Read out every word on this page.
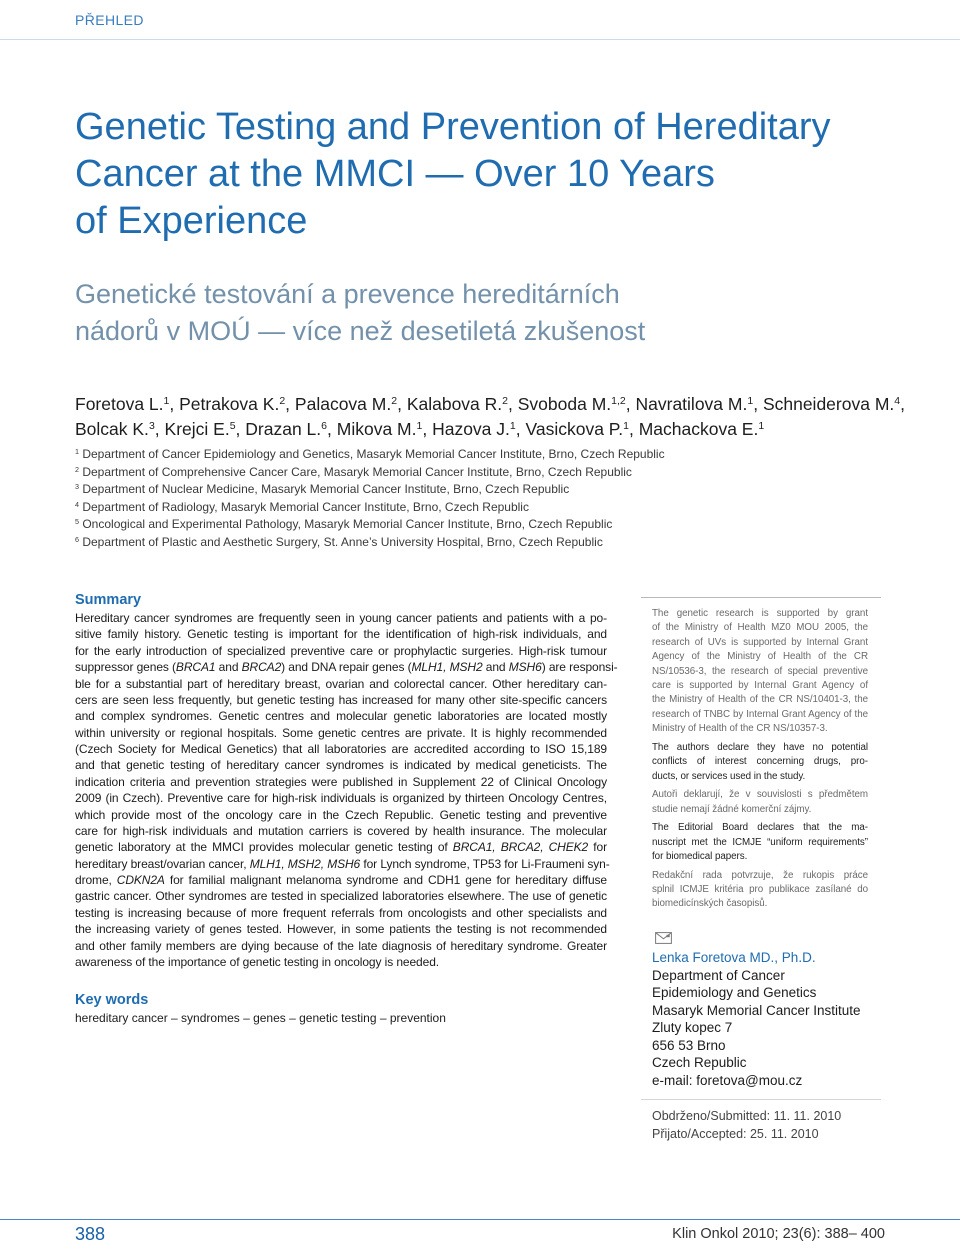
PŘEHLED
Genetic Testing and Prevention of Hereditary
Cancer at the MMCI — Over 10 Years
of Experience
Genetické testování a prevence hereditárních
nádorů v MOÚ — více než desetiletá zkušenost
Foretova L.$^1$, Petrakova K.$^2$, Palacova M.$^2$, Kalabova R.$^2$, Svoboda M.$^{1,2}$, Navratilova M.$^1$, Schneiderova M.$^4$,
Bolcak K.$^3$, Krejci E.$^5$, Drazan L.$^6$, Mikova M.$^1$, Hazova J.$^1$, Vasickova P.$^1$, Machackova E.$^1$
$^1$ Department of Cancer Epidemiology and Genetics, Masaryk Memorial Cancer Institute, Brno, Czech Republic
$^2$ Department of Comprehensive Cancer Care, Masaryk Memorial Cancer Institute, Brno, Czech Republic
$^3$ Department of Nuclear Medicine, Masaryk Memorial Cancer Institute, Brno, Czech Republic
$^4$ Department of Radiology, Masaryk Memorial Cancer Institute, Brno, Czech Republic
$^5$ Oncological and Experimental Pathology, Masaryk Memorial Cancer Institute, Brno, Czech Republic
$^6$ Department of Plastic and Aesthetic Surgery, St. Anne’s University Hospital, Brno, Czech Republic
Summary
Hereditary cancer syndromes are frequently seen in young cancer patients and patients with a po-
sitive family history. Genetic testing is important for the identification of high-risk individuals, and
for the early introduction of specialized preventive care or prophylactic surgeries. High-risk tumour
suppressor genes (BRCA1 and BRCA2) and DNA repair genes (MLH1, MSH2 and MSH6) are responsi-
ble for a substantial part of hereditary breast, ovarian and colorectal cancer. Other hereditary can-
cers are seen less frequently, but genetic testing has increased for many other site-specific cancers
and complex syndromes. Genetic centres and molecular genetic laboratories are located mostly
within university or regional hospitals. Some genetic centres are private. It is highly recommended
(Czech Society for Medical Genetics) that all laboratories are accredited according to ISO 15,189
and that genetic testing of hereditary cancer syndromes is indicated by medical geneticists. The
indication criteria and prevention strategies were published in Supplement 22 of Clinical Oncology
2009 (in Czech). Preventive care for high-risk individuals is organized by thirteen Oncology Centres,
which provide most of the oncology care in the Czech Republic. Genetic testing and preventive
care for high-risk individuals and mutation carriers is covered by health insurance. The molecular
genetic laboratory at the MMCI provides molecular genetic testing of BRCA1, BRCA2, CHEK2 for
hereditary breast/ovarian cancer, MLH1, MSH2, MSH6 for Lynch syndrome, TP53 for Li-Fraumeni syn-
drome, CDKN2A for familial malignant melanoma syndrome and CDH1 gene for hereditary diffuse
gastric cancer. Other syndromes are tested in specialized laboratories elsewhere. The use of genetic
testing is increasing because of more frequent referrals from oncologists and other specialists and
the increasing variety of genes tested. However, in some patients the testing is not recommended
and other family members are dying because of the late diagnosis of hereditary syndrome. Greater
awareness of the importance of genetic testing in oncology is needed.
Key words
hereditary cancer – syndromes – genes – genetic testing – prevention
The genetic research is supported by grant
of the Ministry of Health MZ0 MOU 2005, the
research of UVs is supported by Internal Grant
Agency of the Ministry of Health of the CR
NS/10536-3, the research of special preventive
care is supported by Internal Grant Agency of
the Ministry of Health of the CR NS/10401-3, the
research of TNBC by Internal Grant Agency of the
Ministry of Health of the CR NS/10357-3.
The authors declare they have no potential
conflicts of interest concerning drugs, pro-
ducts, or services used in the study.
Autoři deklarují, že v souvislosti s předmětem
studie nemají žádné komerční zájmy.
The Editorial Board declares that the ma-
nuscript met the ICMJE “uniform requirements”
for biomedical papers.
Redakční rada potvrzuje, že rukopis práce
splnil ICMJE kritéria pro publikace zasílané do
biomedicínských časopisů.
Lenka Foretova MD., Ph.D.
Department of Cancer
Epidemiology and Genetics
Masaryk Memorial Cancer Institute
Zluty kopec 7
656 53 Brno
Czech Republic
e-mail: foretova@mou.cz
Obdrženo/Submitted: 11. 11. 2010
Přijato/Accepted: 25. 11. 2010
388	Klin Onkol 2010; 23(6): 388– 400
